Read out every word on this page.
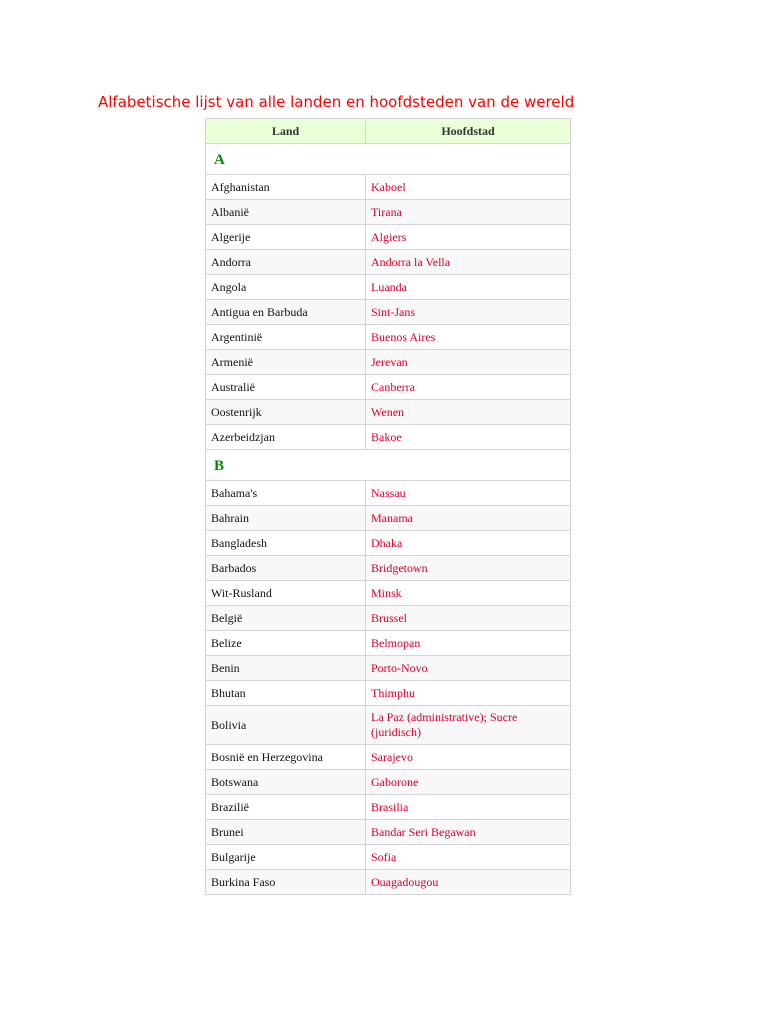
Alfabetische lijst van alle landen en hoofdsteden van de wereld
Land	Hoofdstad
A	
Afghanistan	Kaboel
Albanië	Tirana
Algerije	Algiers
Andorra	Andorra la Vella
Angola	Luanda
Antigua en Barbuda	Sint-Jans
Argentinië	Buenos Aires
Armenië	Jerevan
Australië	Canberra
Oostenrijk	Wenen
Azerbeidzjan	Bakoe
B	
Bahama's	Nassau
Bahrain	Manama
Bangladesh	Dhaka
Barbados	Bridgetown
Wit-Rusland	Minsk
België	Brussel
Belize	Belmopan
Benin	Porto-Novo
Bhutan	Thimphu
Bolivia	La Paz (administrative); Sucre (juridisch)
Bosnië en Herzegovina	Sarajevo
Botswana	Gaborone
Brazilië	Brasilia
Brunei	Bandar Seri Begawan
Bulgarije	Sofia
Burkina Faso	Ouagadougou
